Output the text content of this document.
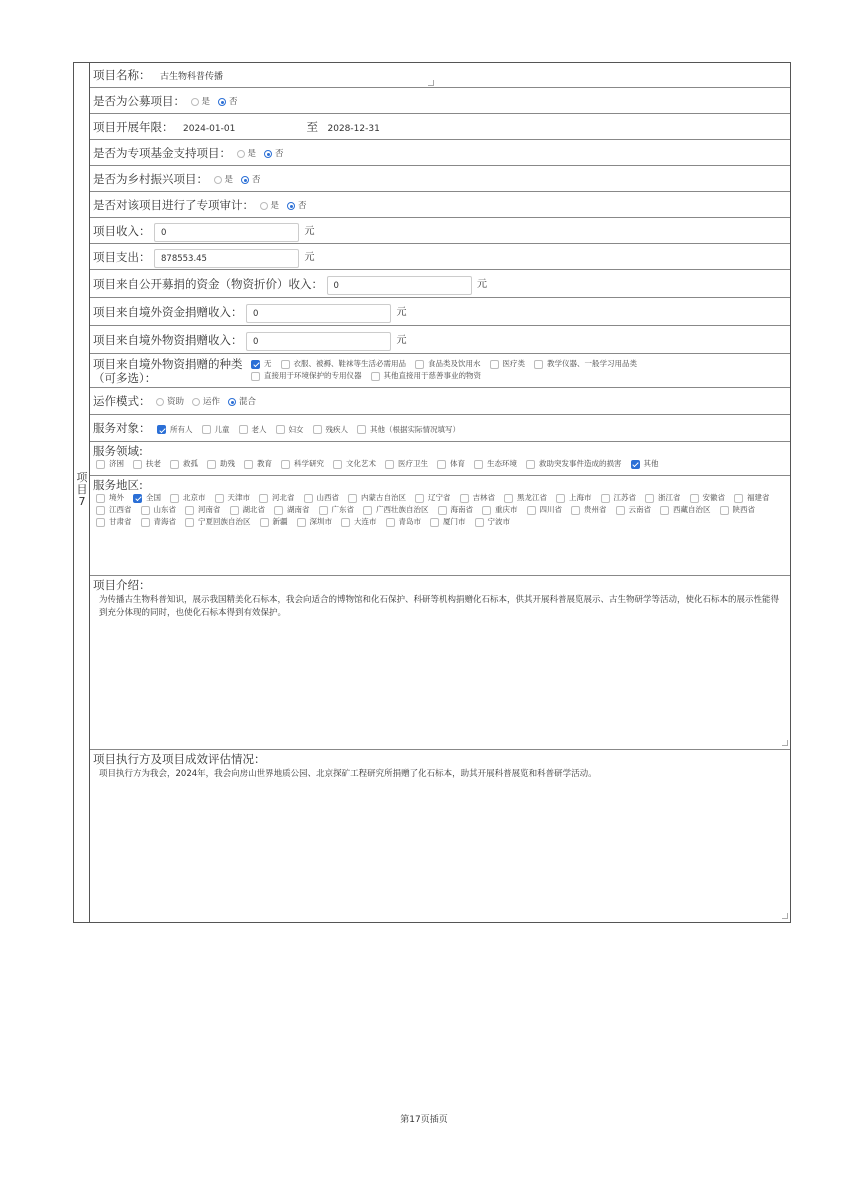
项目7
项目名称： 古生物科普传播
是否为公募项目： 是 否
项目开展年限： 2024-01-01	至 2028-12-31
是否为专项基金支持项目： 是 否
是否为乡村振兴项目： 是 否
是否对该项目进行了专项审计： 是 否
项目收入： 0	元
项目支出： 878553.45	元
项目来自公开募捐的资金（物资折价）收入： 0	元
项目来自境外资金捐赠收入： 0	元
项目来自境外物资捐赠收入： 0	元
项目来自境外物资捐赠的种类
（可多选）：
无	衣服、被褥、鞋袜等生活必需用品	食品类及饮用水	医疗类	教学仪器、一般学习用品类直接用于环境保护的专用仪器	其他直接用于慈善事业的物资
运作模式： 资助 运作 混合
服务对象：	所有人	儿童	老人	妇女	残疾人	其他（根据实际情况填写）
服务领域:
济困	扶老	救孤	助残	教育	科学研究	文化艺术	医疗卫生	体育	生态环境	救助突发事件造成的损害	其他
服务地区:
境外	全国	北京市	天津市	河北省	山西省	内蒙古自治区	辽宁省	吉林省	黑龙江省	上海市	江苏省	浙江省	安徽省	福建省江西省	山东省	河南省	湖北省	湖南省	广东省	广西壮族自治区	海南省	重庆市	四川省	贵州省	云南省	西藏自治区	陕西省甘肃省	青海省	宁夏回族自治区	新疆	深圳市	大连市	青岛市	厦门市	宁波市
项目介绍：
为传播古生物科普知识，展示我国精美化石标本，我会向适合的博物馆和化石保护、科研等机构捐赠化石标本，供其开展科普展览展示、古生物研学等活动，使化石标本的展示性能得到充分体现的同时，也使化石标本得到有效保护。
项目执行方及项目成效评估情况：
项目执行方为我会，2024年，我会向房山世界地质公园、北京探矿工程研究所捐赠了化石标本，助其开展科普展览和科普研学活动。
第17页插页
